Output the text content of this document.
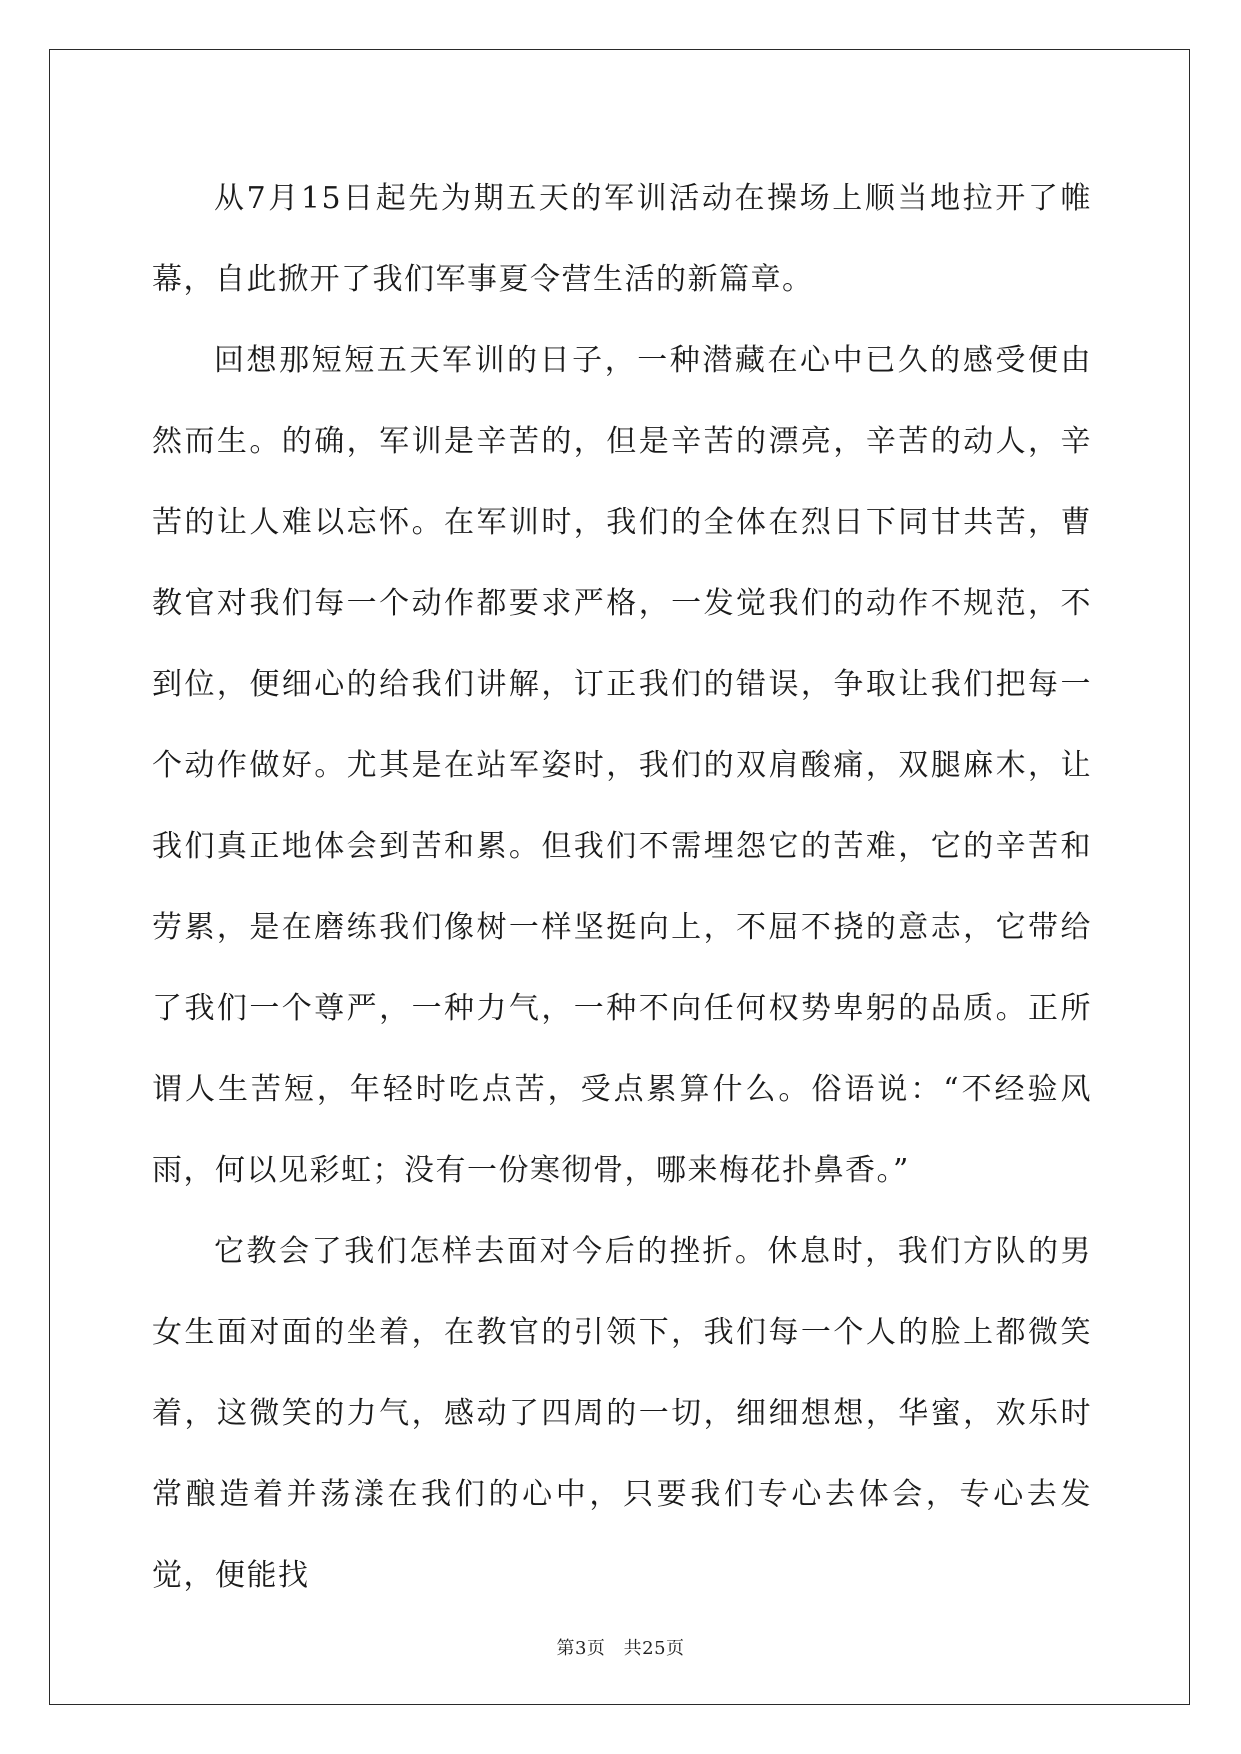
从7月15日起先为期五天的军训活动在操场上顺当地拉开了帷幕，自此掀开了我们军事夏令营生活的新篇章。

回想那短短五天军训的日子，一种潜藏在心中已久的感受便由然而生。的确，军训是辛苦的，但是辛苦的漂亮，辛苦的动人，辛苦的让人难以忘怀。在军训时，我们的全体在烈日下同甘共苦，曹教官对我们每一个动作都要求严格，一发觉我们的动作不规范，不到位，便细心的给我们讲解，订正我们的错误，争取让我们把每一个动作做好。尤其是在站军姿时，我们的双肩酸痛，双腿麻木，让我们真正地体会到苦和累。但我们不需埋怨它的苦难，它的辛苦和劳累，是在磨练我们像树一样坚挺向上，不屈不挠的意志，它带给了我们一个尊严，一种力气，一种不向任何权势卑躬的品质。正所谓人生苦短，年轻时吃点苦，受点累算什么。俗语说：“不经验风雨，何以见彩虹；没有一份寒彻骨，哪来梅花扑鼻香。”

它教会了我们怎样去面对今后的挫折。休息时，我们方队的男女生面对面的坐着，在教官的引领下，我们每一个人的脸上都微笑着，这微笑的力气，感动了四周的一切，细细想想，华蜜，欢乐时常酿造着并荡漾在我们的心中，只要我们专心去体会，专心去发觉，便能找

第3页 共25页
